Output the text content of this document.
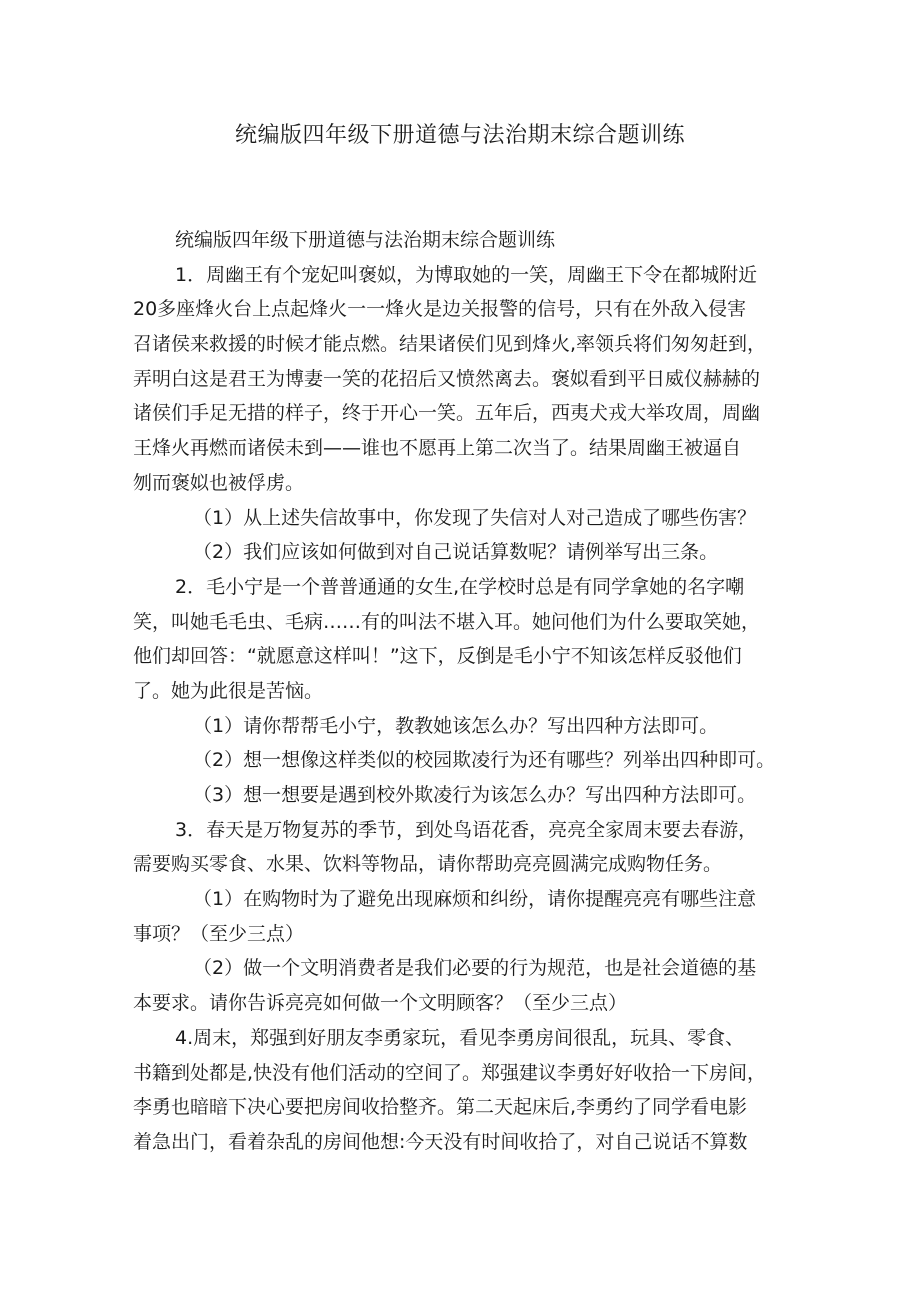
统编版四年级下册道德与法治期末综合题训练
统编版四年级下册道德与法治期末综合题训练
1．周幽王有个宠妃叫褒姒，为博取她的一笑，周幽王下令在都城附近
20多座烽火台上点起烽火一一烽火是边关报警的信号，只有在外敌入侵害
召诸侯来救援的时候才能点燃。结果诸侯们见到烽火,率领兵将们匆匆赶到，
弄明白这是君王为博妻一笑的花招后又愤然离去。褒姒看到平日威仪赫赫的
诸侯们手足无措的样子，终于开心一笑。五年后，西夷犬戎大举攻周，周幽
王烽火再燃而诸侯未到——谁也不愿再上第二次当了。结果周幽王被逼自
刎而褒姒也被俘虏。
（1）从上述失信故事中，你发现了失信对人对己造成了哪些伤害？
（2）我们应该如何做到对自己说话算数呢？请例举写出三条。
2．毛小宁是一个普普通通的女生,在学校时总是有同学拿她的名字嘲
笑，叫她毛毛虫、毛病……有的叫法不堪入耳。她问他们为什么要取笑她，
他们却回答：“就愿意这样叫！”这下，反倒是毛小宁不知该怎样反驳他们
了。她为此很是苦恼。
（1）请你帮帮毛小宁，教教她该怎么办？写出四种方法即可。
（2）想一想像这样类似的校园欺凌行为还有哪些？列举出四种即可。
（3）想一想要是遇到校外欺凌行为该怎么办？写出四种方法即可。
3．春天是万物复苏的季节，到处鸟语花香，亮亮全家周末要去春游，
需要购买零食、水果、饮料等物品，请你帮助亮亮圆满完成购物任务。
（1）在购物时为了避免出现麻烦和纠纷，请你提醒亮亮有哪些注意
事项？（至少三点）
（2）做一个文明消费者是我们必要的行为规范，也是社会道德的基
本要求。请你告诉亮亮如何做一个文明顾客？（至少三点）
4.周末，郑强到好朋友李勇家玩，看见李勇房间很乱，玩具、零食、
书籍到处都是,快没有他们活动的空间了。郑强建议李勇好好收拾一下房间，
李勇也暗暗下决心要把房间收拾整齐。第二天起床后,李勇约了同学看电影
着急出门，看着杂乱的房间他想:今天没有时间收拾了，对自己说话不算数
